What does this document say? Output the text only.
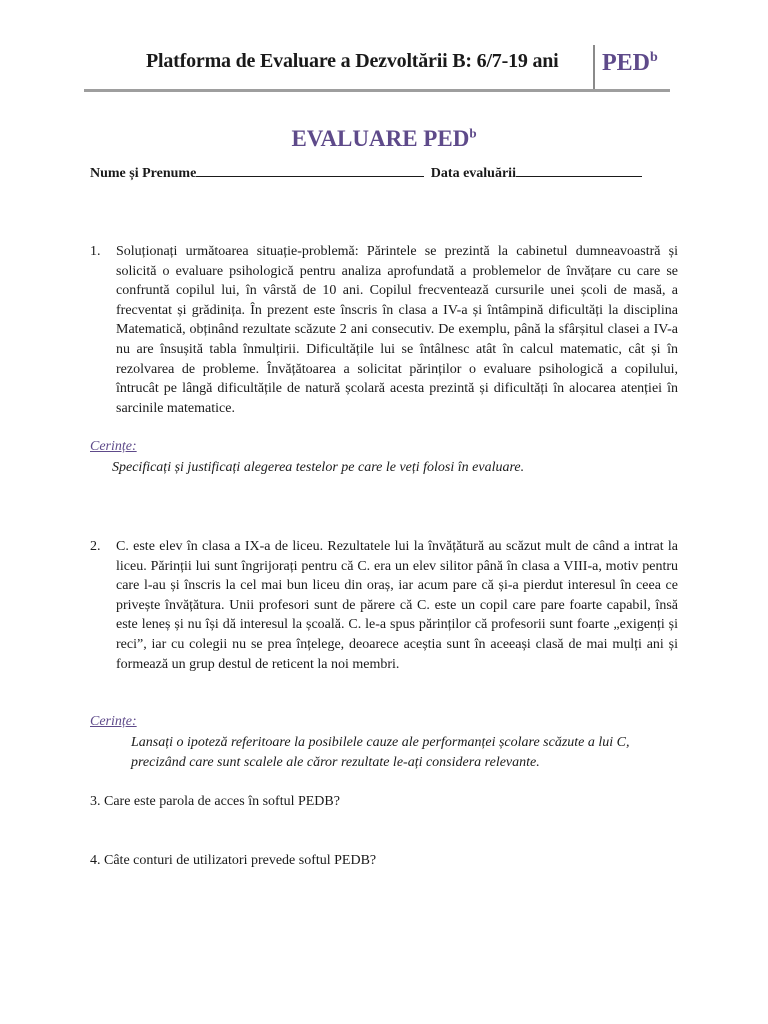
Platforma de Evaluare a Dezvoltării B: 6/7-19 ani	PED$^b$
EVALUARE PED$^b$
Nume și Prenume	Data evaluării
1. Soluționați următoarea situație-problemă: Părintele se prezintă la cabinetul dumneavoastră și solicită o evaluare psihologică pentru analiza aprofundată a problemelor de învățare cu care se confruntă copilul lui, în vârstă de 10 ani. Copilul frecventează cursurile unei școli de masă, a frecventat și grădinița. În prezent este înscris în clasa a IV-a și întâmpină dificultăți la disciplina Matematică, obținând rezultate scăzute 2 ani consecutiv. De exemplu, până la sfârșitul clasei a IV-a nu are însușită tabla înmulțirii. Dificultățile lui se întâlnesc atât în calcul matematic, cât și în rezolvarea de probleme. Învățătoarea a solicitat părinților o evaluare psihologică a copilului, întrucât pe lângă dificultățile de natură școlară acesta prezintă și dificultăți în alocarea atenției în sarcinile matematice.
Cerințe:
Specificați și justificați alegerea testelor pe care le veți folosi în evaluare.
2. C. este elev în clasa a IX-a de liceu. Rezultatele lui la învățătură au scăzut mult de când a intrat la liceu. Părinții lui sunt îngrijorați pentru că C. era un elev silitor până în clasa a VIII-a, motiv pentru care l-au și înscris la cel mai bun liceu din oraș, iar acum pare că și-a pierdut interesul în ceea ce privește învățătura. Unii profesori sunt de părere că C. este un copil care pare foarte capabil, însă este leneș și nu își dă interesul la școală. C. le-a spus părinților că profesorii sunt foarte „exigenți și reci”, iar cu colegii nu se prea înțelege, deoarece aceștia sunt în aceeași clasă de mai mulți ani și formează un grup destul de reticent la noi membri.
Cerințe:
Lansați o ipoteză referitoare la posibilele cauze ale performanței școlare scăzute a lui C, precizând care sunt scalele ale căror rezultate le-ați considera relevante.
3. Care este parola de acces în softul PEDB?
4. Câte conturi de utilizatori prevede softul PEDB?
